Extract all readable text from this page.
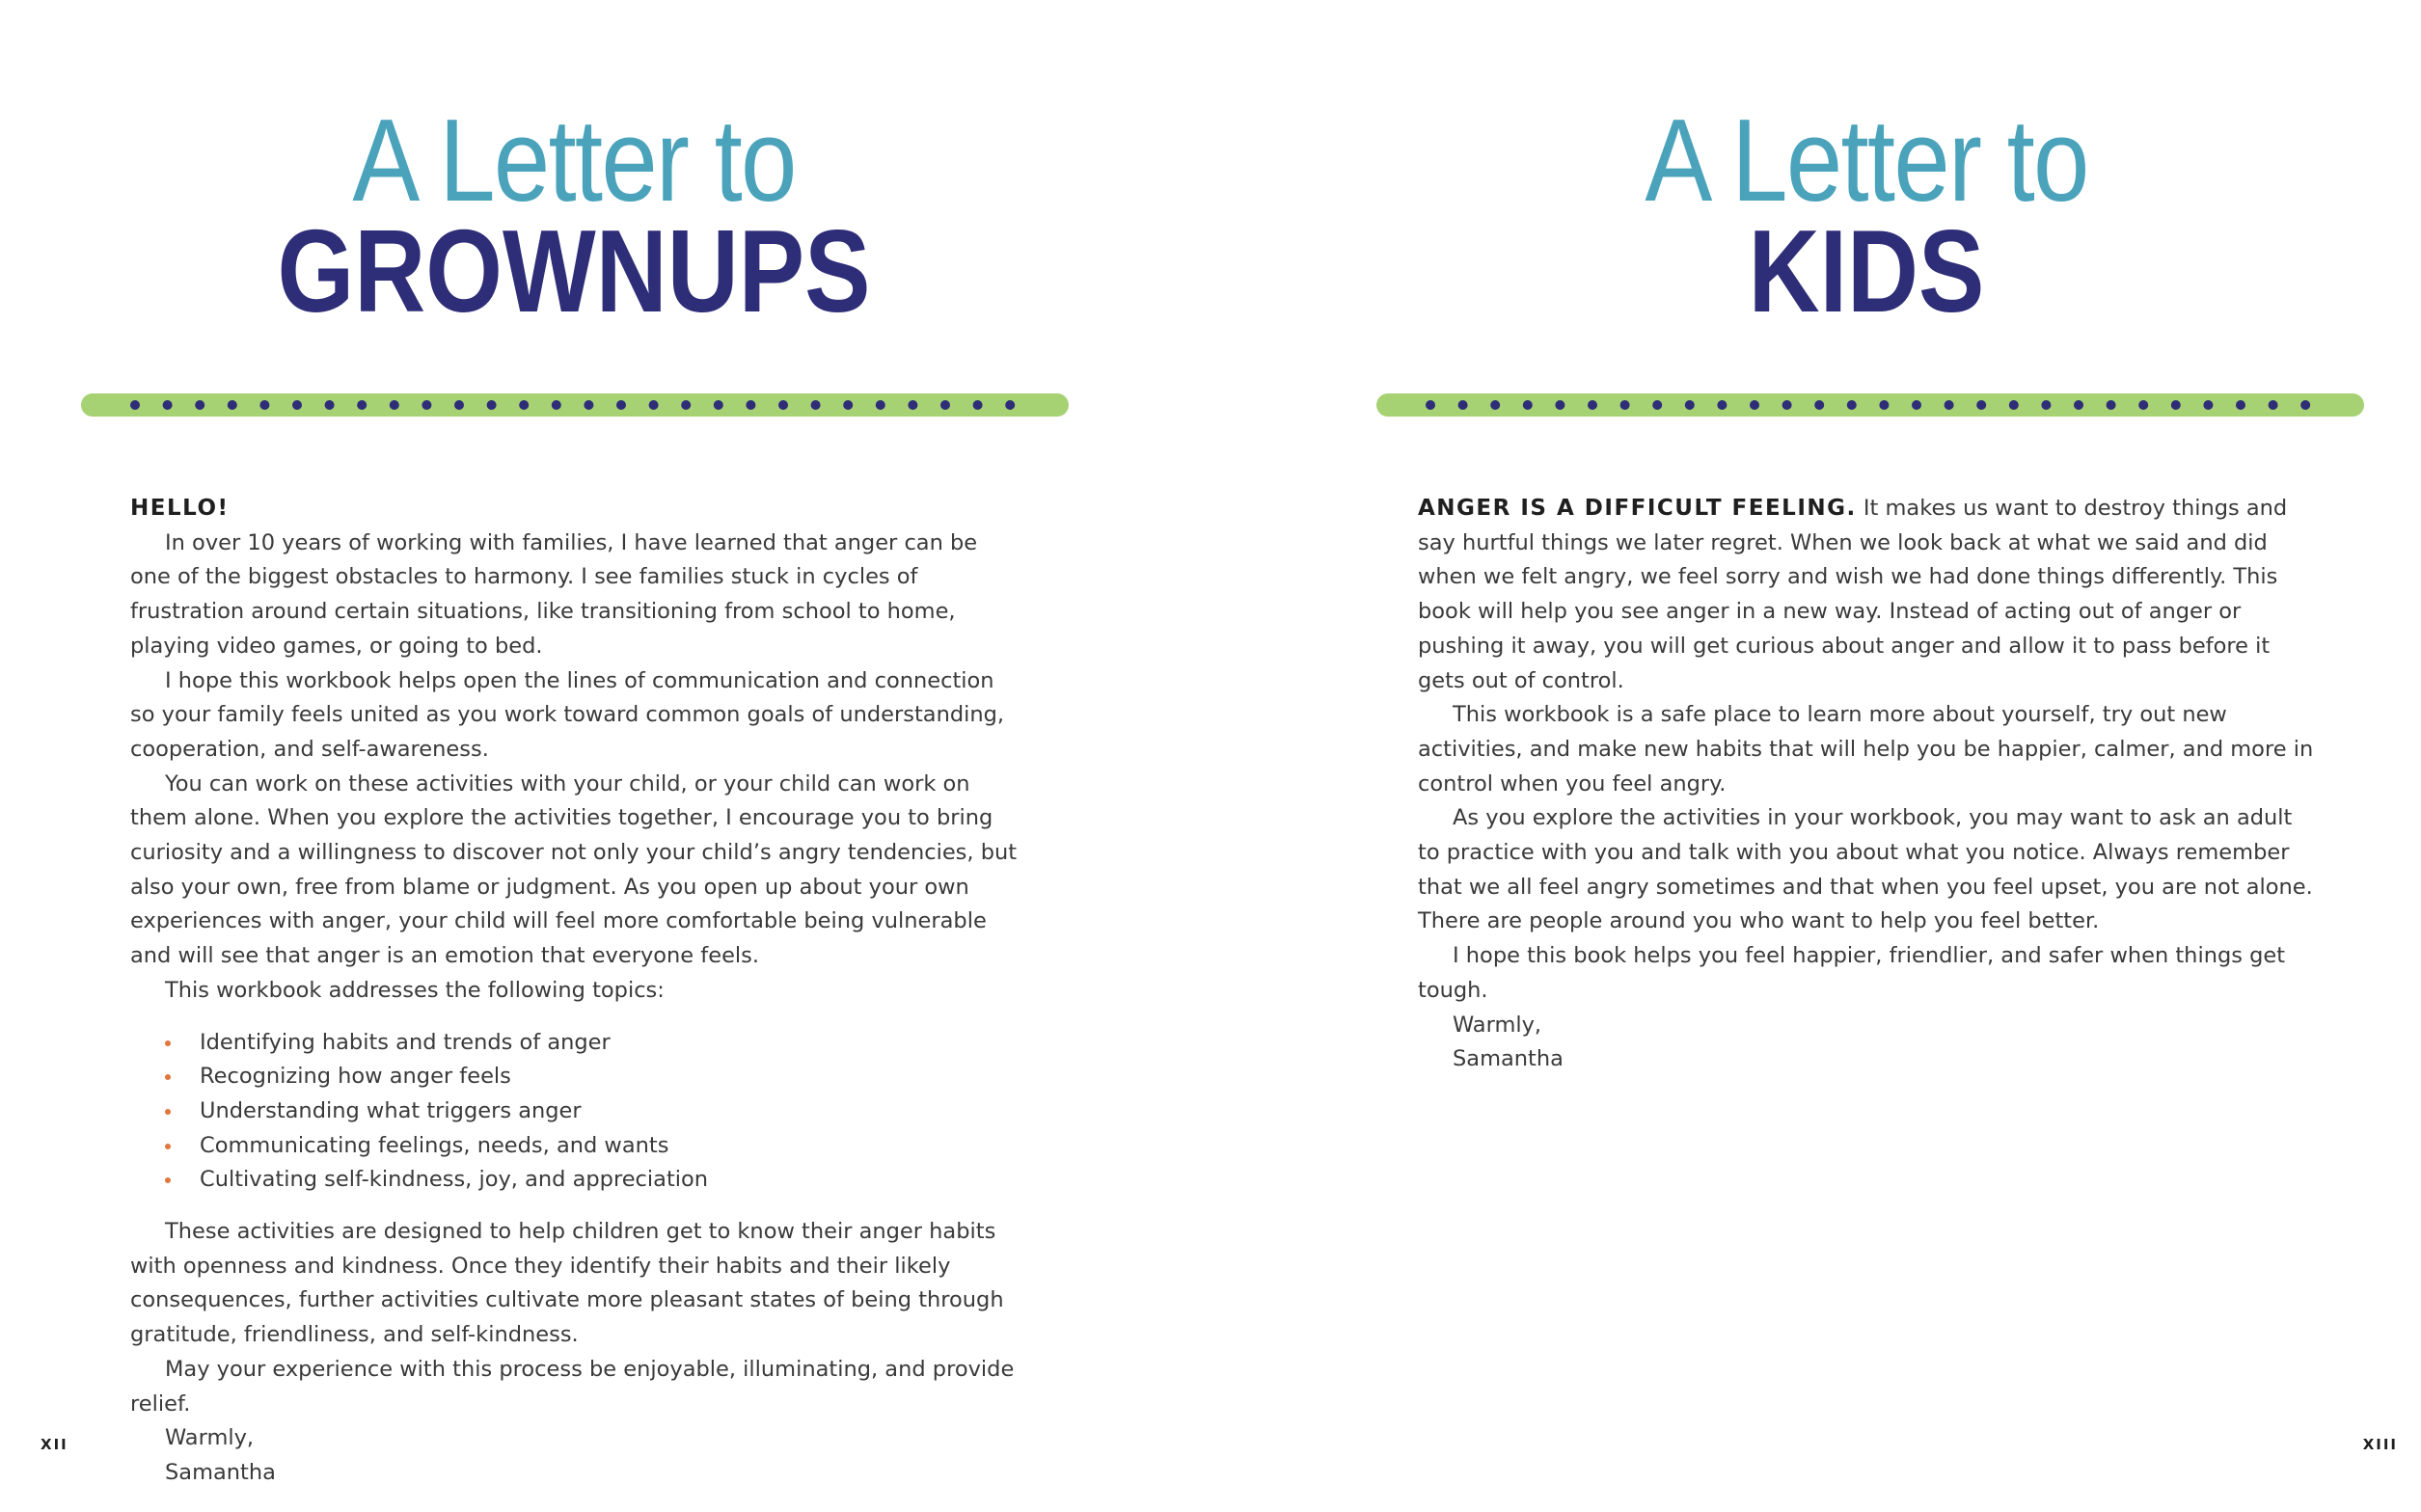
A Letter to
GROWNUPS
HELLO!

In over 10 years of working with families, I have learned that anger can be one of the biggest obstacles to harmony. I see families stuck in cycles of frustration around certain situations, like transitioning from school to home, playing video games, or going to bed.

I hope this workbook helps open the lines of communication and connection so your family feels united as you work toward common goals of understanding, cooperation, and self-awareness.

You can work on these activities with your child, or your child can work on them alone. When you explore the activities together, I encourage you to bring curiosity and a willingness to discover not only your child’s angry tendencies, but also your own, free from blame or judgment. As you open up about your own experiences with anger, your child will feel more comfortable being vulnerable and will see that anger is an emotion that everyone feels.

This workbook addresses the following topics:

Identifying habits and trends of anger
Recognizing how anger feels
Understanding what triggers anger
Communicating feelings, needs, and wants
Cultivating self-kindness, joy, and appreciation

These activities are designed to help children get to know their anger habits with openness and kindness. Once they identify their habits and their likely consequences, further activities cultivate more pleasant states of being through gratitude, friendliness, and self-kindness.

May your experience with this process be enjoyable, illuminating, and provide relief.

Warmly,

Samantha

XII
A Letter to
KIDS

ANGER IS A DIFFICULT FEELING. It makes us want to destroy things and say hurtful things we later regret. When we look back at what we said and did when we felt angry, we feel sorry and wish we had done things differently. This book will help you see anger in a new way. Instead of acting out of anger or pushing it away, you will get curious about anger and allow it to pass before it gets out of control.

This workbook is a safe place to learn more about yourself, try out new activities, and make new habits that will help you be happier, calmer, and more in control when you feel angry.

As you explore the activities in your workbook, you may want to ask an adult to practice with you and talk with you about what you notice. Always remember that we all feel angry sometimes and that when you feel upset, you are not alone. There are people around you who want to help you feel better.

I hope this book helps you feel happier, friendlier, and safer when things get tough.

Warmly,

Samantha

XIII
